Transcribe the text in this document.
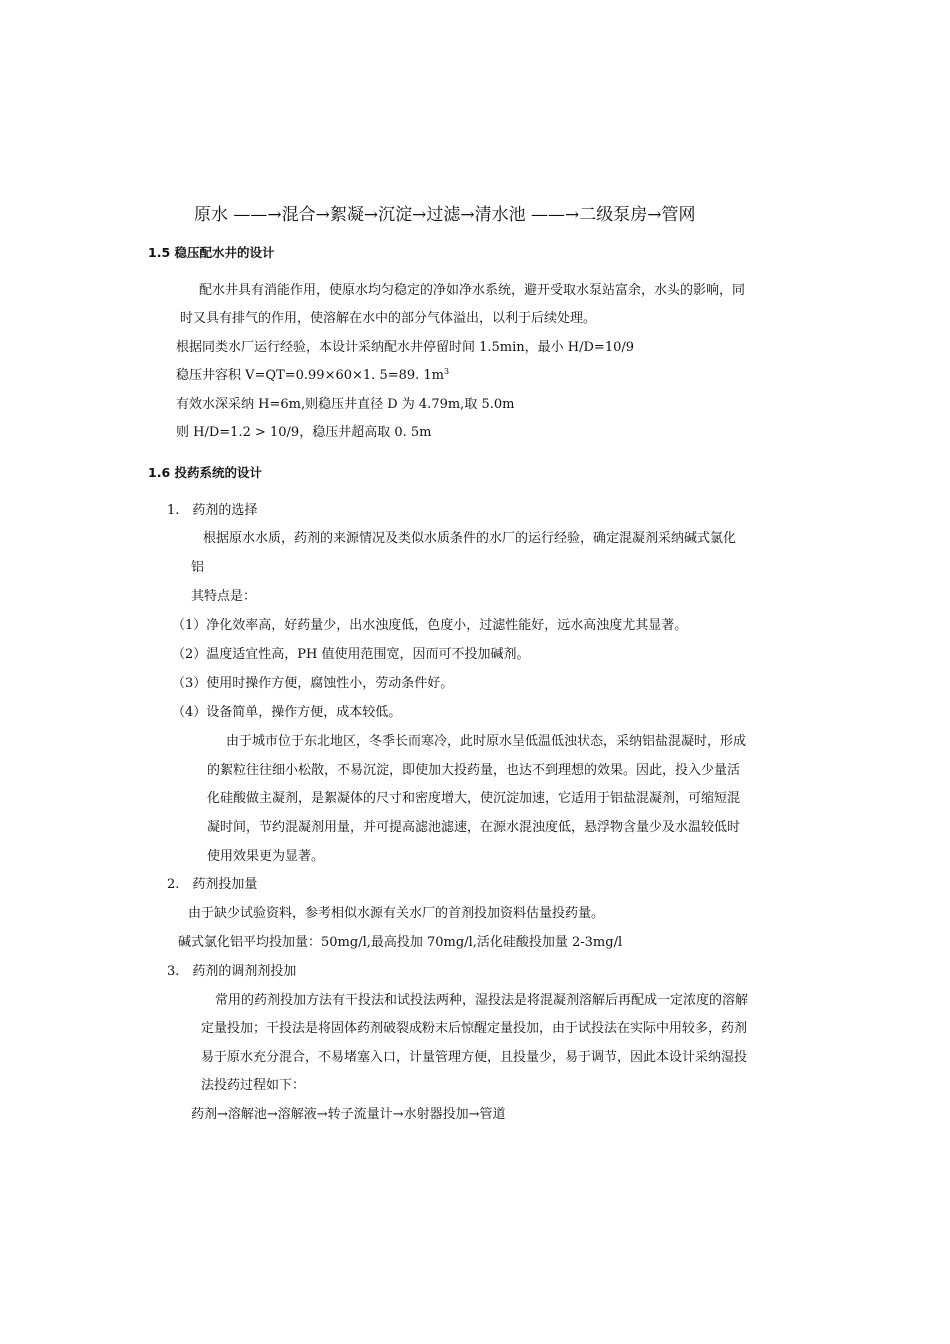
原水 ——→混合→絮凝→沉淀→过滤→清水池 ——→二级泵房→管网
1.5 稳压配水井的设计
配水井具有消能作用，使原水均匀稳定的净如净水系统，避开受取水泵站富余，水头的影响，同
时又具有排气的作用，使溶解在水中的部分气体溢出，以利于后续处理。
根据同类水厂运行经验，本设计采纳配水井停留时间 1.5min，最小 H/D=10/9
稳压井容积 V=QT=0.99×60×1. 5=89. $1m^3$
有效水深采纳 H=6m,则稳压井直径 D 为 4.79m,取 5.0m
则 H/D=1.2 > 10/9，稳压井超高取 0. 5m
1.6 投药系统的设计
1.　药剂的选择
根据原水水质，药剂的来源情况及类似水质条件的水厂的运行经验，确定混凝剂采纳碱式氯化
铝
其特点是：
（1）净化效率高，好药量少，出水浊度低，色度小，过滤性能好，远水高浊度尤其显著。
（2）温度适宜性高，PH 值使用范围宽，因而可不投加碱剂。
（3）使用时操作方便，腐蚀性小，劳动条件好。
（4）设备简单，操作方便，成本较低。
由于城市位于东北地区，冬季长而寒冷，此时原水呈低温低浊状态，采纳铝盐混凝时，形成
的絮粒往往细小松散，不易沉淀，即使加大投药量，也达不到理想的效果。因此，投入少量活
化硅酸做主凝剂，是絮凝体的尺寸和密度增大，使沉淀加速，它适用于铝盐混凝剂，可缩短混
凝时间，节约混凝剂用量，并可提高滤池滤速，在源水混浊度低，悬浮物含量少及水温较低时
使用效果更为显著。
2.　药剂投加量
由于缺少试验资料，参考相似水源有关水厂的首剂投加资料估量投药量。
碱式氯化铝平均投加量：50mg/l,最高投加 70mg/l,活化硅酸投加量 2-3mg/l
3.　药剂的调剂剂投加
常用的药剂投加方法有干投法和试投法两种，湿投法是将混凝剂溶解后再配成一定浓度的溶解
定量投加；干投法是将固体药剂破裂成粉末后惊醒定量投加，由于试投法在实际中用较多，药剂
易于原水充分混合，不易堵塞入口，计量管理方便，且投量少，易于调节，因此本设计采纳湿投
法投药过程如下：
药剂→溶解池→溶解液→转子流量计→水射器投加→管道
